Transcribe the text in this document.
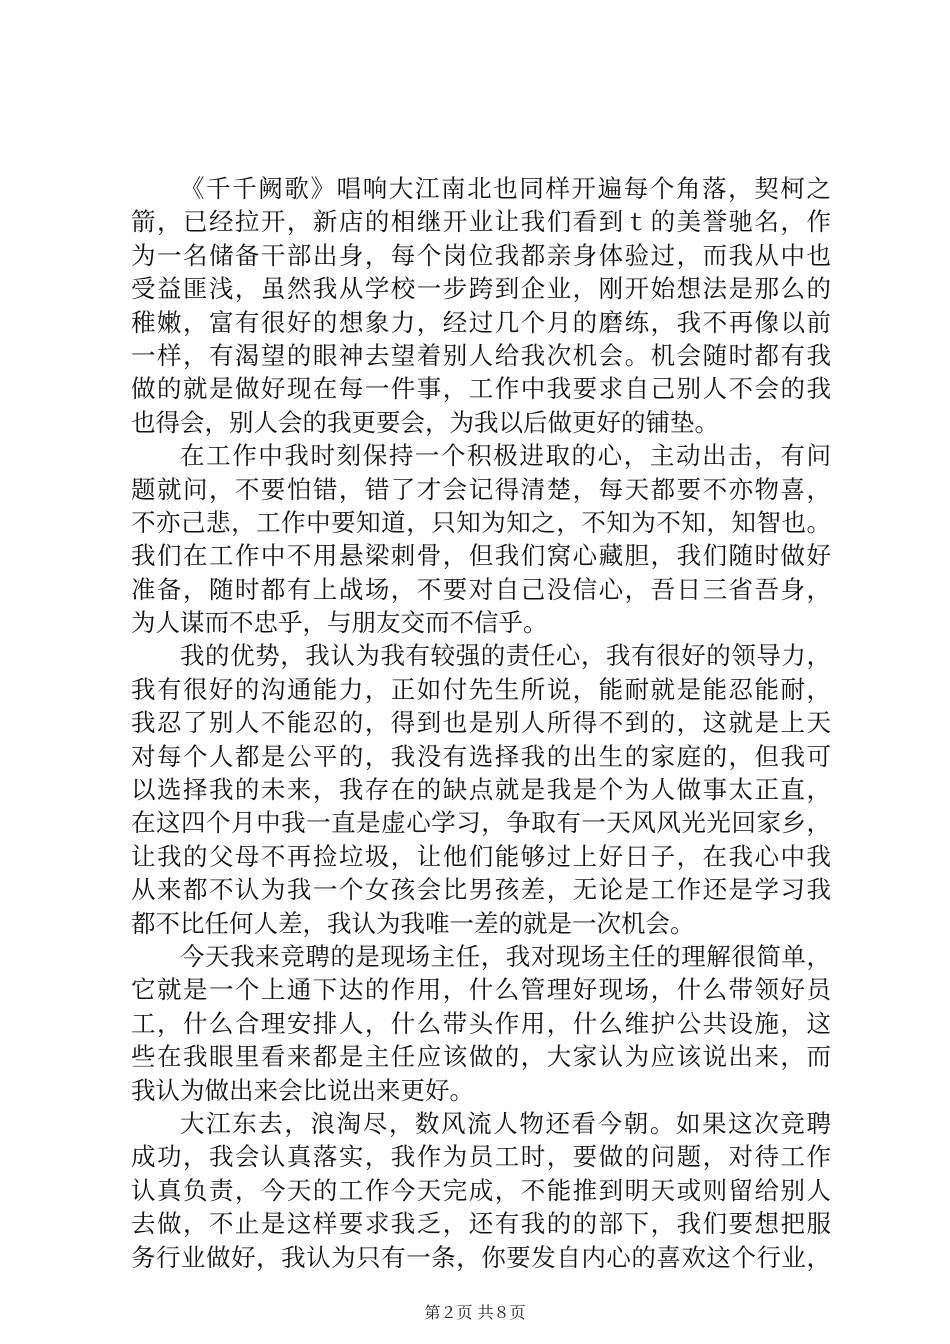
《千千阙歌》唱响大江南北也同样开遍每个角落，契柯之
箭，已经拉开，新店的相继开业让我们看到ｔ的美誉驰名，作
为一名储备干部出身，每个岗位我都亲身体验过，而我从中也
受益匪浅，虽然我从学校一步跨到企业，刚开始想法是那么的
稚嫩，富有很好的想象力，经过几个月的磨练，我不再像以前
一样，有渴望的眼神去望着别人给我次机会。机会随时都有我
做的就是做好现在每一件事，工作中我要求自己别人不会的我
也得会，别人会的我更要会，为我以后做更好的铺垫。
在工作中我时刻保持一个积极进取的心，主动出击，有问
题就问，不要怕错，错了才会记得清楚，每天都要不亦物喜，
不亦己悲，工作中要知道，只知为知之，不知为不知，知智也。
我们在工作中不用悬梁刺骨，但我们窝心藏胆，我们随时做好
准备，随时都有上战场，不要对自己没信心，吾日三省吾身，
为人谋而不忠乎，与朋友交而不信乎。
我的优势，我认为我有较强的责任心，我有很好的领导力，
我有很好的沟通能力，正如付先生所说，能耐就是能忍能耐，
我忍了别人不能忍的，得到也是别人所得不到的，这就是上天
对每个人都是公平的，我没有选择我的出生的家庭的，但我可
以选择我的未来，我存在的缺点就是我是个为人做事太正直，
在这四个月中我一直是虚心学习，争取有一天风风光光回家乡，
让我的父母不再捡垃圾，让他们能够过上好日子，在我心中我
从来都不认为我一个女孩会比男孩差，无论是工作还是学习我
都不比任何人差，我认为我唯一差的就是一次机会。
今天我来竞聘的是现场主任，我对现场主任的理解很简单，
它就是一个上通下达的作用，什么管理好现场，什么带领好员
工，什么合理安排人，什么带头作用，什么维护公共设施，这
些在我眼里看来都是主任应该做的，大家认为应该说出来，而
我认为做出来会比说出来更好。
大江东去，浪淘尽，数风流人物还看今朝。如果这次竞聘
成功，我会认真落实，我作为员工时，要做的问题，对待工作
认真负责，今天的工作今天完成，不能推到明天或则留给别人
去做，不止是这样要求我乏，还有我的的部下，我们要想把服
务行业做好，我认为只有一条，你要发自内心的喜欢这个行业，
第２页 共８页
